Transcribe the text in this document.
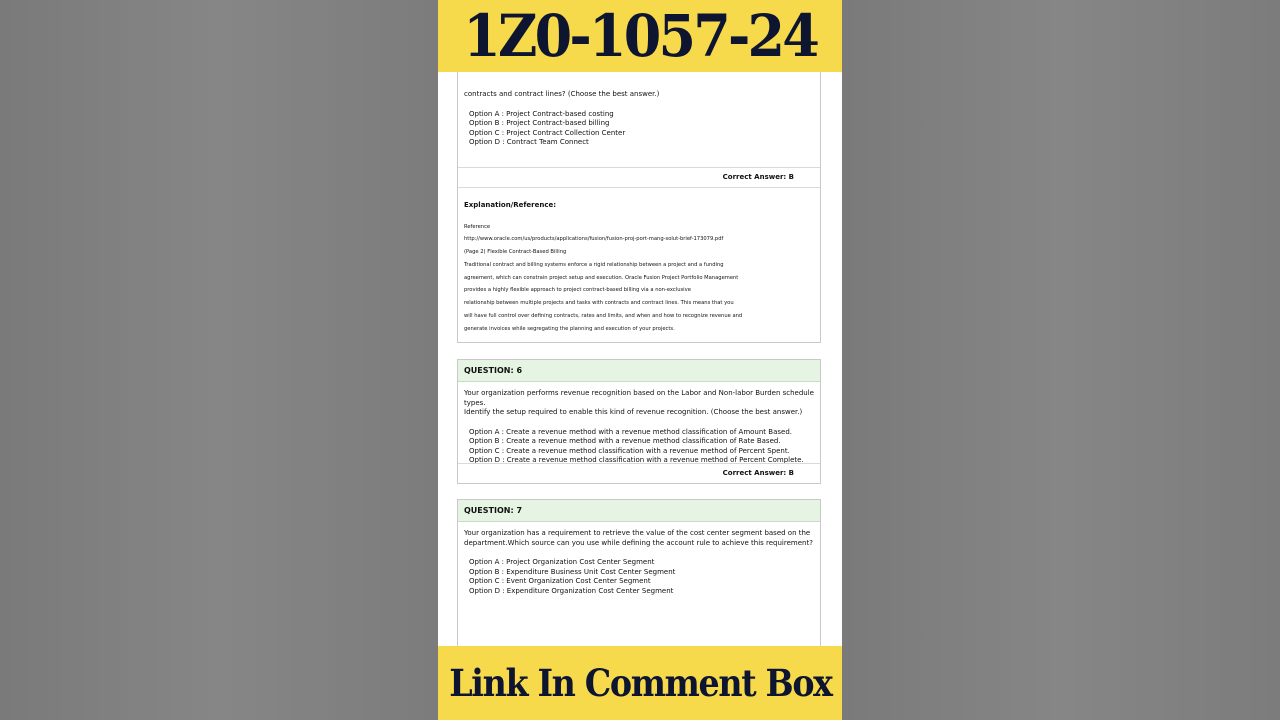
1Z0-1057-24
contracts and contract lines? (Choose the best answer.)
Option A : Project Contract-based costing
Option B : Project Contract-based billing
Option C : Project Contract Collection Center
Option D : Contract Team Connect
Correct Answer: B
Explanation/Reference:
Reference
http://www.oracle.com/us/products/applications/fusion/fusion-proj-port-mang-solut-brief-173079.pdf
(Page 2) Flexible Contract-Based Billing
Traditional contract and billing systems enforce a rigid relationship between a project and a funding
agreement, which can constrain project setup and execution. Oracle Fusion Project Portfolio Management
provides a highly flexible approach to project contract-based billing via a non-exclusive
relationship between multiple projects and tasks with contracts and contract lines. This means that you
will have full control over defining contracts, rates and limits, and when and how to recognize revenue and
generate invoices while segregating the planning and execution of your projects.
QUESTION: 6
Your organization performs revenue recognition based on the Labor and Non-labor Burden schedule types.
Identify the setup required to enable this kind of revenue recognition. (Choose the best answer.)
Option A : Create a revenue method with a revenue method classification of Amount Based.
Option B : Create a revenue method with a revenue method classification of Rate Based.
Option C : Create a revenue method classification with a revenue method of Percent Spent.
Option D : Create a revenue method classification with a revenue method of Percent Complete.
Correct Answer: B
QUESTION: 7
Your organization has a requirement to retrieve the value of the cost center segment based on the
department.Which source can you use while defining the account rule to achieve this requirement?
Option A : Project Organization Cost Center Segment
Option B : Expenditure Business Unit Cost Center Segment
Option C : Event Organization Cost Center Segment
Option D : Expenditure Organization Cost Center Segment
Link In Comment Box
